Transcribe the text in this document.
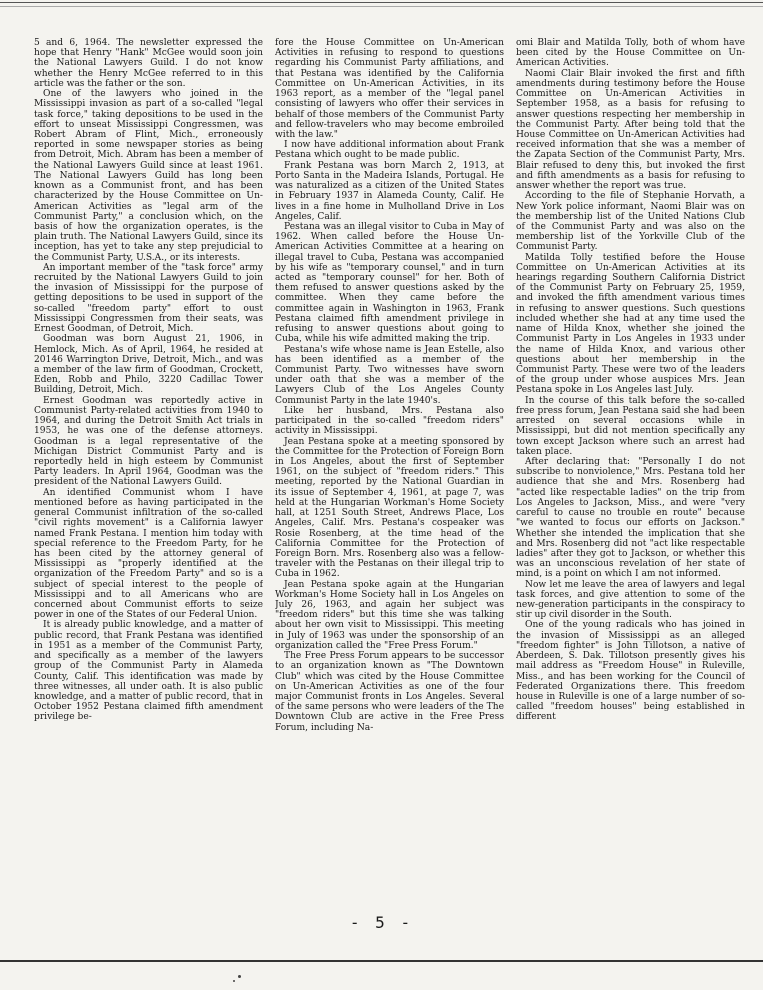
5 and 6, 1964. The newsletter expressed the hope that Henry "Hank" McGee would soon join the National Lawyers Guild. I do not know whether the Henry McGee referred to in this article was the father or the son.

One of the lawyers who joined in the Mississippi invasion as part of a so-called "legal task force," taking depositions to be used in the effort to unseat Mississippi Congressmen, was Robert Abram of Flint, Mich., erroneously reported in some newspaper stories as being from Detroit, Mich. Abram has been a member of the National Lawyers Guild since at least 1961. The National Lawyers Guild has long been known as a Communist front, and has been characterized by the House Committee on Un-American Activities as "legal arm of the Communist Party," a conclusion which, on the basis of how the organization operates, is the plain truth. The National Lawyers Guild, since its inception, has yet to take any step prejudicial to the Communist Party, U.S.A., or its interests.

An important member of the "task force" army recruited by the National Lawyers Guild to join the invasion of Mississippi for the purpose of getting depositions to be used in support of the so-called "freedom party" effort to oust Mississippi Congressmen from their seats, was Ernest Goodman, of Detroit, Mich.

Goodman was born August 21, 1906, in Hemlock, Mich. As of April, 1964, he resided at 20146 Warrington Drive, Detroit, Mich., and was a member of the law firm of Goodman, Crockett, Eden, Robb and Philo, 3220 Cadillac Tower Building, Detroit, Mich.

Ernest Goodman was reportedly active in Communist Party-related activities from 1940 to 1964, and during the Detroit Smith Act trials in 1953, he was one of the defense attorneys. Goodman is a legal representative of the Michigan District Communist Party and is reportedly held in high esteem by Communist Party leaders. In April 1964, Goodman was the president of the National Lawyers Guild.

An identified Communist whom I have mentioned before as having participated in the general Communist infiltration of the so-called "civil rights movement" is a California lawyer named Frank Pestana. I mention him today with special reference to the Freedom Party, for he has been cited by the attorney general of Mississippi as "properly identified at the organization of the Freedom Party" and so is a subject of special interest to the people of Mississippi and to all Americans who are concerned about Communist efforts to seize power in one of the States of our Federal Union.

It is already public knowledge, and a matter of public record, that Frank Pestana was identified in 1951 as a member of the Communist Party, and specifically as a member of the lawyers group of the Communist Party in Alameda County, Calif. This identification was made by three witnesses, all under oath. It is also public knowledge, and a matter of public record, that in October 1952 Pestana claimed fifth amendment privilege be-

fore the House Committee on Un-American Activities in refusing to respond to questions regarding his Communist Party affiliations, and that Pestana was identified by the California Committee on Un-American Activities, in its 1963 report, as a member of the "legal panel consisting of lawyers who offer their services in behalf of those members of the Communist Party and fellow-travelers who may become embroiled with the law."

I now have additional information about Frank Pestana which ought to be made public.

Frank Pestana was born March 2, 1913, at Porto Santa in the Madeira Islands, Portugal. He was naturalized as a citizen of the United States in February 1937 in Alameda County, Calif. He lives in a fine home in Mulholland Drive in Los Angeles, Calif.

Pestana was an illegal visitor to Cuba in May of 1962. When called before the House Un-American Activities Committee at a hearing on illegal travel to Cuba, Pestana was accompanied by his wife as "temporary counsel," and in turn acted as "temporary counsel" for her. Both of them refused to answer questions asked by the committee. When they came before the committee again in Washington in 1963, Frank Pestana claimed fifth amendment privilege in refusing to answer questions about going to Cuba, while his wife admitted making the trip.

Pestana's wife whose name is Jean Estelle, also has been identified as a member of the Communist Party. Two witnesses have sworn under oath that she was a member of the Lawyers Club of the Los Angeles County Communist Party in the late 1940's.

Like her husband, Mrs. Pestana also participated in the so-called "freedom riders" activity in Mississippi.

Jean Pestana spoke at a meeting sponsored by the Committee for the Protection of Foreign Born in Los Angeles, about the first of September 1961, on the subject of "freedom riders." This meeting, reported by the National Guardian in its issue of September 4, 1961, at page 7, was held at the Hungarian Workman's Home Society hall, at 1251 South Street, Andrews Place, Los Angeles, Calif. Mrs. Pestana's cospeaker was Rosie Rosenberg, at the time head of the California Committee for the Protection of Foreign Born. Mrs. Rosenberg also was a fellow-traveler with the Pestanas on their illegal trip to Cuba in 1962.

Jean Pestana spoke again at the Hungarian Workman's Home Society hall in Los Angeles on July 26, 1963, and again her subject was "freedom riders" but this time she was talking about her own visit to Mississippi. This meeting in July of 1963 was under the sponsorship of an organization called the "Free Press Forum."

The Free Press Forum appears to be successor to an organization known as "The Downtown Club" which was cited by the House Committee on Un-American Activities as one of the four major Communist fronts in Los Angeles. Several of the same persons who were leaders of the The Downtown Club are active in the Free Press Forum, including Na-

omi Blair and Matilda Tolly, both of whom have been cited by the House Committee on Un-American Activities.

Naomi Clair Blair invoked the first and fifth amendments during testimony before the House Committee on Un-American Activities in September 1958, as a basis for refusing to answer questions respecting her membership in the Communist Party. After being told that the House Committee on Un-American Activities had received information that she was a member of the Zapata Section of the Communist Party, Mrs. Blair refused to deny this, but invoked the first and fifth amendments as a basis for refusing to answer whether the report was true.

According to the file of Stephanie Horvath, a New York police informant, Naomi Blair was on the membership list of the United Nations Club of the Communist Party and was also on the membership list of the Yorkville Club of the Communist Party.

Matilda Tolly testified before the House Committee on Un-American Activities at its hearings regarding Southern California District of the Communist Party on February 25, 1959, and invoked the fifth amendment various times in refusing to answer questions. Such questions included whether she had at any time used the name of Hilda Knox, whether she joined the Communist Party in Los Angeles in 1933 under the name of Hilda Knox, and various other questions about her membership in the Communist Party. These were two of the leaders of the group under whose auspices Mrs. Jean Pestana spoke in Los Angeles last July.

In the course of this talk before the so-called free press forum, Jean Pestana said she had been arrested on several occasions while in Mississippi, but did not mention specifically any town except Jackson where such an arrest had taken place.

After declaring that: "Personally I do not subscribe to nonviolence," Mrs. Pestana told her audience that she and Mrs. Rosenberg had "acted like respectable ladies" on the trip from Los Angeles to Jackson, Miss., and were "very careful to cause no trouble en route" because "we wanted to focus our efforts on Jackson." Whether she intended the implication that she and Mrs. Rosenberg did not "act like respectable ladies" after they got to Jackson, or whether this was an unconscious revelation of her state of mind, is a point on which I am not informed.

Now let me leave the area of lawyers and legal task forces, and give attention to some of the new-generation participants in the conspiracy to stir up civil disorder in the South.

One of the young radicals who has joined in the invasion of Mississippi as an alleged "freedom fighter" is John Tillotson, a native of Aberdeen, S. Dak. Tillotson presently gives his mail address as "Freedom House" in Ruleville, Miss., and has been working for the Council of Federated Organizations there. This freedom house in Ruleville is one of a large number of so-called "freedom houses" being established in different

- 5 -
